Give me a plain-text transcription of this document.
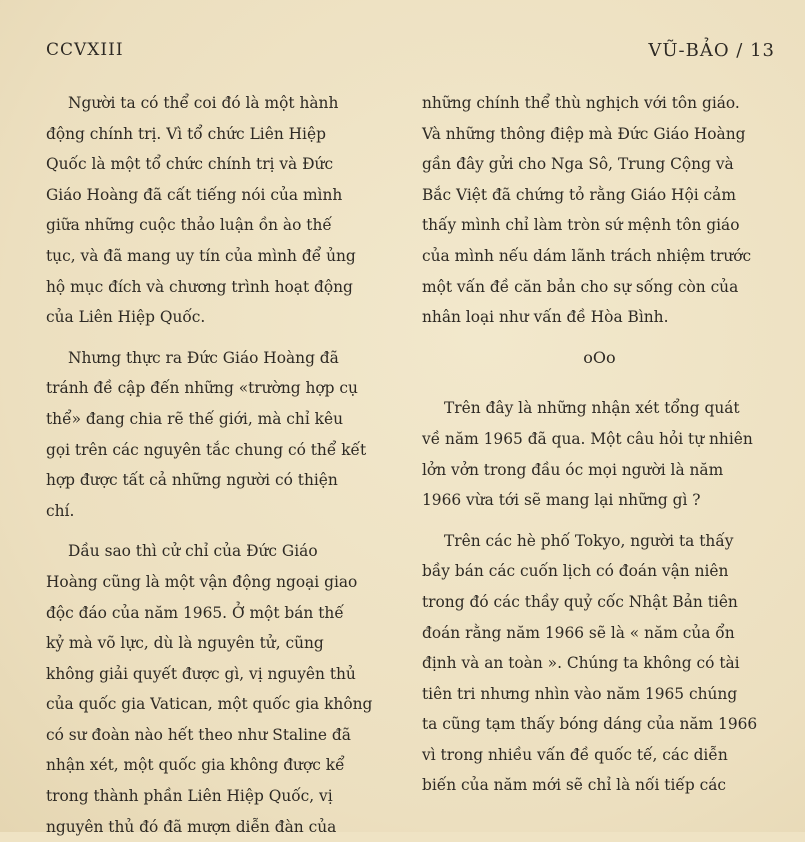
CCVXIII	VŨ-BẢO / 13

Người ta có thể coi đó là một hành
động chính trị. Vì tổ chức Liên Hiệp
Quốc là một tổ chức chính trị và Đức
Giáo Hoàng đã cất tiếng nói của mình
giữa những cuộc thảo luận ồn ào thế
tục, và đã mang uy tín của mình để ủng
hộ mục đích và chương trình hoạt động
của Liên Hiệp Quốc.

Nhưng thực ra Đức Giáo Hoàng đã
tránh đề cập đến những «trường hợp cụ
thể» đang chia rẽ thế giới, mà chỉ kêu
gọi trên các nguyên tắc chung có thể kết
hợp được tất cả những người có thiện
chí.

Dầu sao thì cử chỉ của Đức Giáo
Hoàng cũng là một vận động ngoại giao
độc đáo của năm 1965. Ở một bán thế
kỷ mà võ lực, dù là nguyên tử, cũng
không giải quyết được gì, vị nguyên thủ
của quốc gia Vatican, một quốc gia không
có sư đoàn nào hết theo như Staline đã
nhận xét, một quốc gia không được kể
trong thành phần Liên Hiệp Quốc, vị
nguyên thủ đó đã mượn diễn đàn của

những chính thể thù nghịch với tôn giáo.
Và những thông điệp mà Đức Giáo Hoàng
gần đây gửi cho Nga Sô, Trung Cộng và
Bắc Việt đã chứng tỏ rằng Giáo Hội cảm
thấy mình chỉ làm tròn sứ mệnh tôn giáo
của mình nếu dám lãnh trách nhiệm trước
một vấn đề căn bản cho sự sống còn của
nhân loại như vấn đề Hòa Bình.

oOo

Trên đây là những nhận xét tổng quát
về năm 1965 đã qua. Một câu hỏi tự nhiên
lởn vởn trong đầu óc mọi người là năm
1966 vừa tới sẽ mang lại những gì ?

Trên các hè phố Tokyo, người ta thấy
bầy bán các cuốn lịch có đoán vận niên
trong đó các thầy quỷ cốc Nhật Bản tiên
đoán rằng năm 1966 sẽ là « năm của ổn
định và an toàn ». Chúng ta không có tài
tiên tri nhưng nhìn vào năm 1965 chúng
ta cũng tạm thấy bóng dáng của năm 1966
vì trong nhiều vấn đề quốc tế, các diễn
biến của năm mới sẽ chỉ là nối tiếp các
